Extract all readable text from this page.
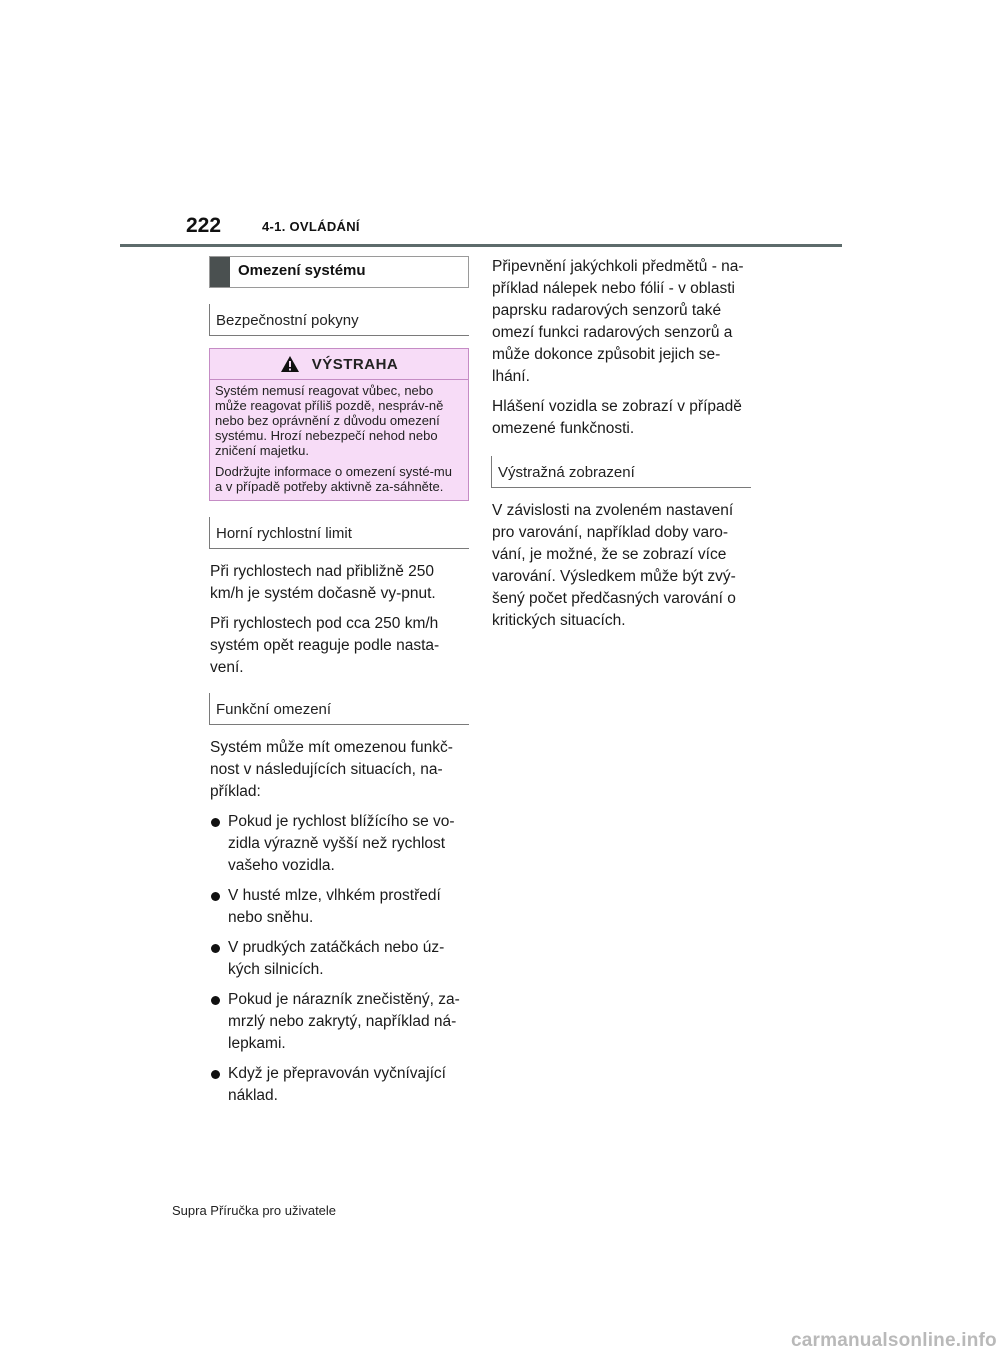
222	4-1. OVLÁDÁNÍ
Omezení systému
Bezpečnostní pokyny
VÝSTRAHA

Systém nemusí reagovat vůbec, nebo může reagovat příliš pozdě, nespráv-ně nebo bez oprávnění z důvodu omezení systému. Hrozí nebezpečí nehod nebo zničení majetku.

Dodržujte informace o omezení systé-mu a v případě potřeby aktivně za-sáhněte.

Horní rychlostní limit

Při rychlostech nad přibližně 250 km/h je systém dočasně vy-pnut.

Při rychlostech pod cca 250 km/h systém opět reaguje podle nasta-vení.

Funkční omezení

Systém může mít omezenou funkč-nost v následujících situacích, na-příklad:

Pokud je rychlost blížícího se vo-zidla výrazně vyšší než rychlost vašeho vozidla.
V husté mlze, vlhkém prostředí nebo sněhu.
V prudkých zatáčkách nebo úz-kých silnicích.
Pokud je nárazník znečistěný, za-mrzlý nebo zakrytý, například ná-lepkami.
Když je přepravován vyčnívající náklad.

Připevnění jakýchkoli předmětů - na-příklad nálepek nebo fólií - v oblasti paprsku radarových senzorů také omezí funkci radarových senzorů a může dokonce způsobit jejich se-lhání.

Hlášení vozidla se zobrazí v případě omezené funkčnosti.

Výstražná zobrazení

V závislosti na zvoleném nastavení pro varování, například doby varo-vání, je možné, že se zobrazí více varování. Výsledkem může být zvý-šený počet předčasných varování o kritických situacích.

Supra Příručka pro uživatele
carmanualsonline.info
